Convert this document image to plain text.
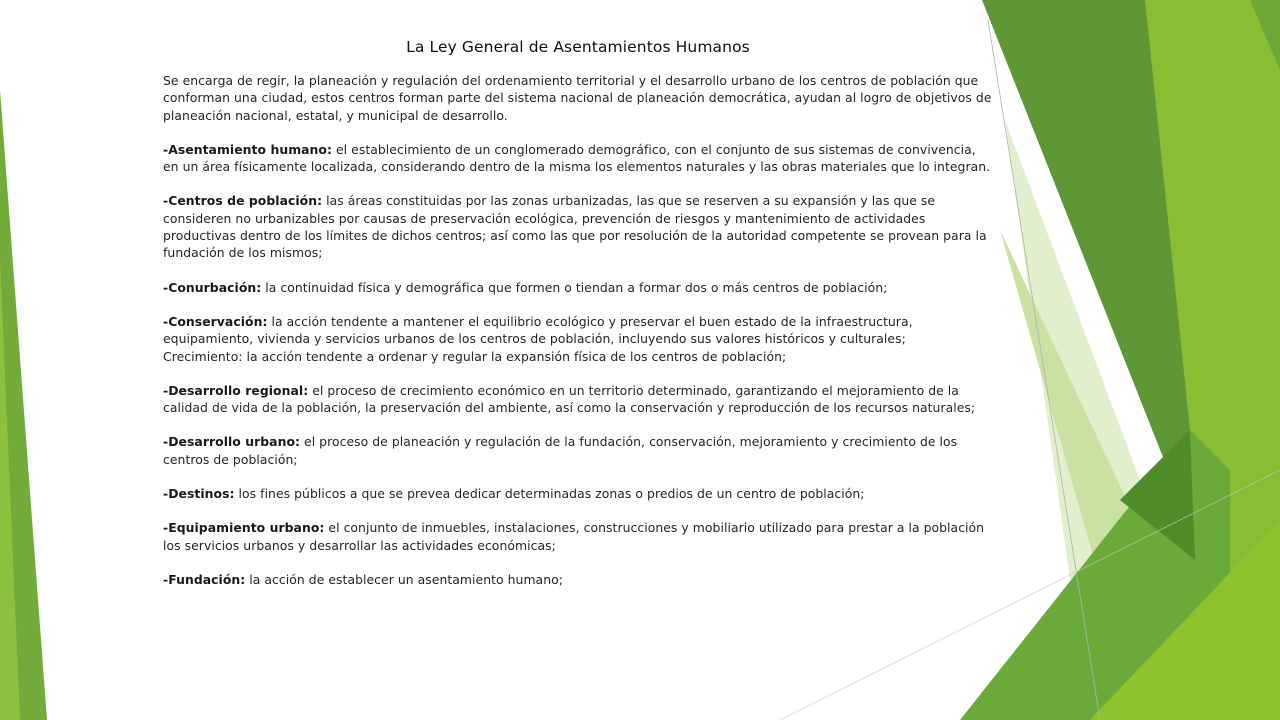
La Ley General de Asentamientos Humanos

Se encarga de regir, la planeación y regulación del ordenamiento territorial y el desarrollo urbano de los centros de población que conforman una ciudad, estos centros forman parte del sistema nacional de planeación democrática, ayudan al logro de objetivos de planeación nacional, estatal, y municipal de desarrollo.

-Asentamiento humano: el establecimiento de un conglomerado demográfico, con el conjunto de sus sistemas de convivencia, en un área físicamente localizada, considerando dentro de la misma los elementos naturales y las obras materiales que lo integran.

-Centros de población: las áreas constituidas por las zonas urbanizadas, las que se reserven a su expansión y las que se consideren no urbanizables por causas de preservación ecológica, prevención de riesgos y mantenimiento de actividades productivas dentro de los límites de dichos centros; así como las que por resolución de la autoridad competente se provean para la fundación de los mismos;

-Conurbación: la continuidad física y demográfica que formen o tiendan a formar dos o más centros de población;

-Conservación: la acción tendente a mantener el equilibrio ecológico y preservar el buen estado de la infraestructura, equipamiento, vivienda y servicios urbanos de los centros de población, incluyendo sus valores históricos y culturales;

Crecimiento: la acción tendente a ordenar y regular la expansión física de los centros de población;

-Desarrollo regional: el proceso de crecimiento económico en un territorio determinado, garantizando el mejoramiento de la calidad de vida de la población, la preservación del ambiente, así como la conservación y reproducción de los recursos naturales;

-Desarrollo urbano: el proceso de planeación y regulación de la fundación, conservación, mejoramiento y crecimiento de los centros de población;

-Destinos: los fines públicos a que se prevea dedicar determinadas zonas o predios de un centro de población;

-Equipamiento urbano: el conjunto de inmuebles, instalaciones, construcciones y mobiliario utilizado para prestar a la población los servicios urbanos y desarrollar las actividades económicas;

-Fundación: la acción de establecer un asentamiento humano;
